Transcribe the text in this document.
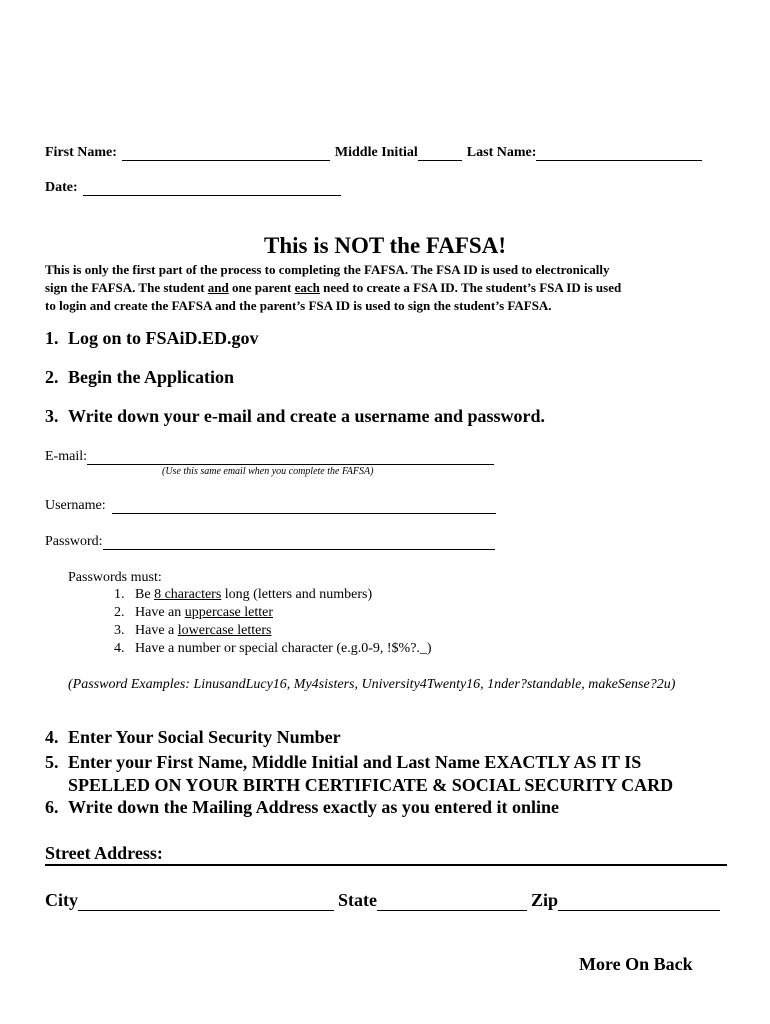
First Name:	Middle Initial	Last Name:
Date:
This is NOT the FAFSA!
This is only the first part of the process to completing the FAFSA. The FSA ID is used to electronically
sign the FAFSA. The student and one parent each need to create a FSA ID. The student’s FSA ID is used
to login and create the FAFSA and the parent’s FSA ID is used to sign the student’s FAFSA.
1. Log on to FSAiD.ED.gov
2. Begin the Application
3. Write down your e-mail and create a username and password.
E-mail:
(Use this same email when you complete the FAFSA)
Username:
Password:
Passwords must:
1. Be 8 characters long (letters and numbers)
2. Have an uppercase letter
3. Have a lowercase letters
4. Have a number or special character (e.g.0-9, !$%?._)
(Password Examples: LinusandLucy16, My4sisters, University4Twenty16, 1nder?standable, makeSense?2u)
4. Enter Your Social Security Number
5. Enter your First Name, Middle Initial and Last Name EXACTLY AS IT IS
SPELLED ON YOUR BIRTH CERTIFICATE & SOCIAL SECURITY CARD
6. Write down the Mailing Address exactly as you entered it online
Street Address:
City	State	Zip
More On Back
